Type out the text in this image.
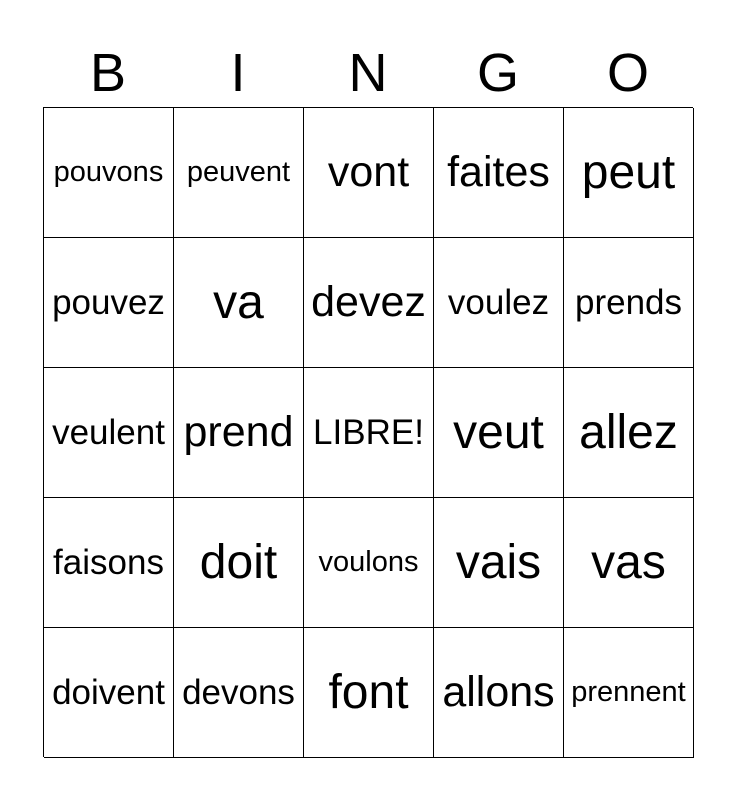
B	I	N	G	O
pouvons peuvent vont faites peut
pouvez	va	devez voulez prends
veulent prend LIBRE! veut allez
faisons doit	voulons vais	vas
doivent devons font allons prennent
